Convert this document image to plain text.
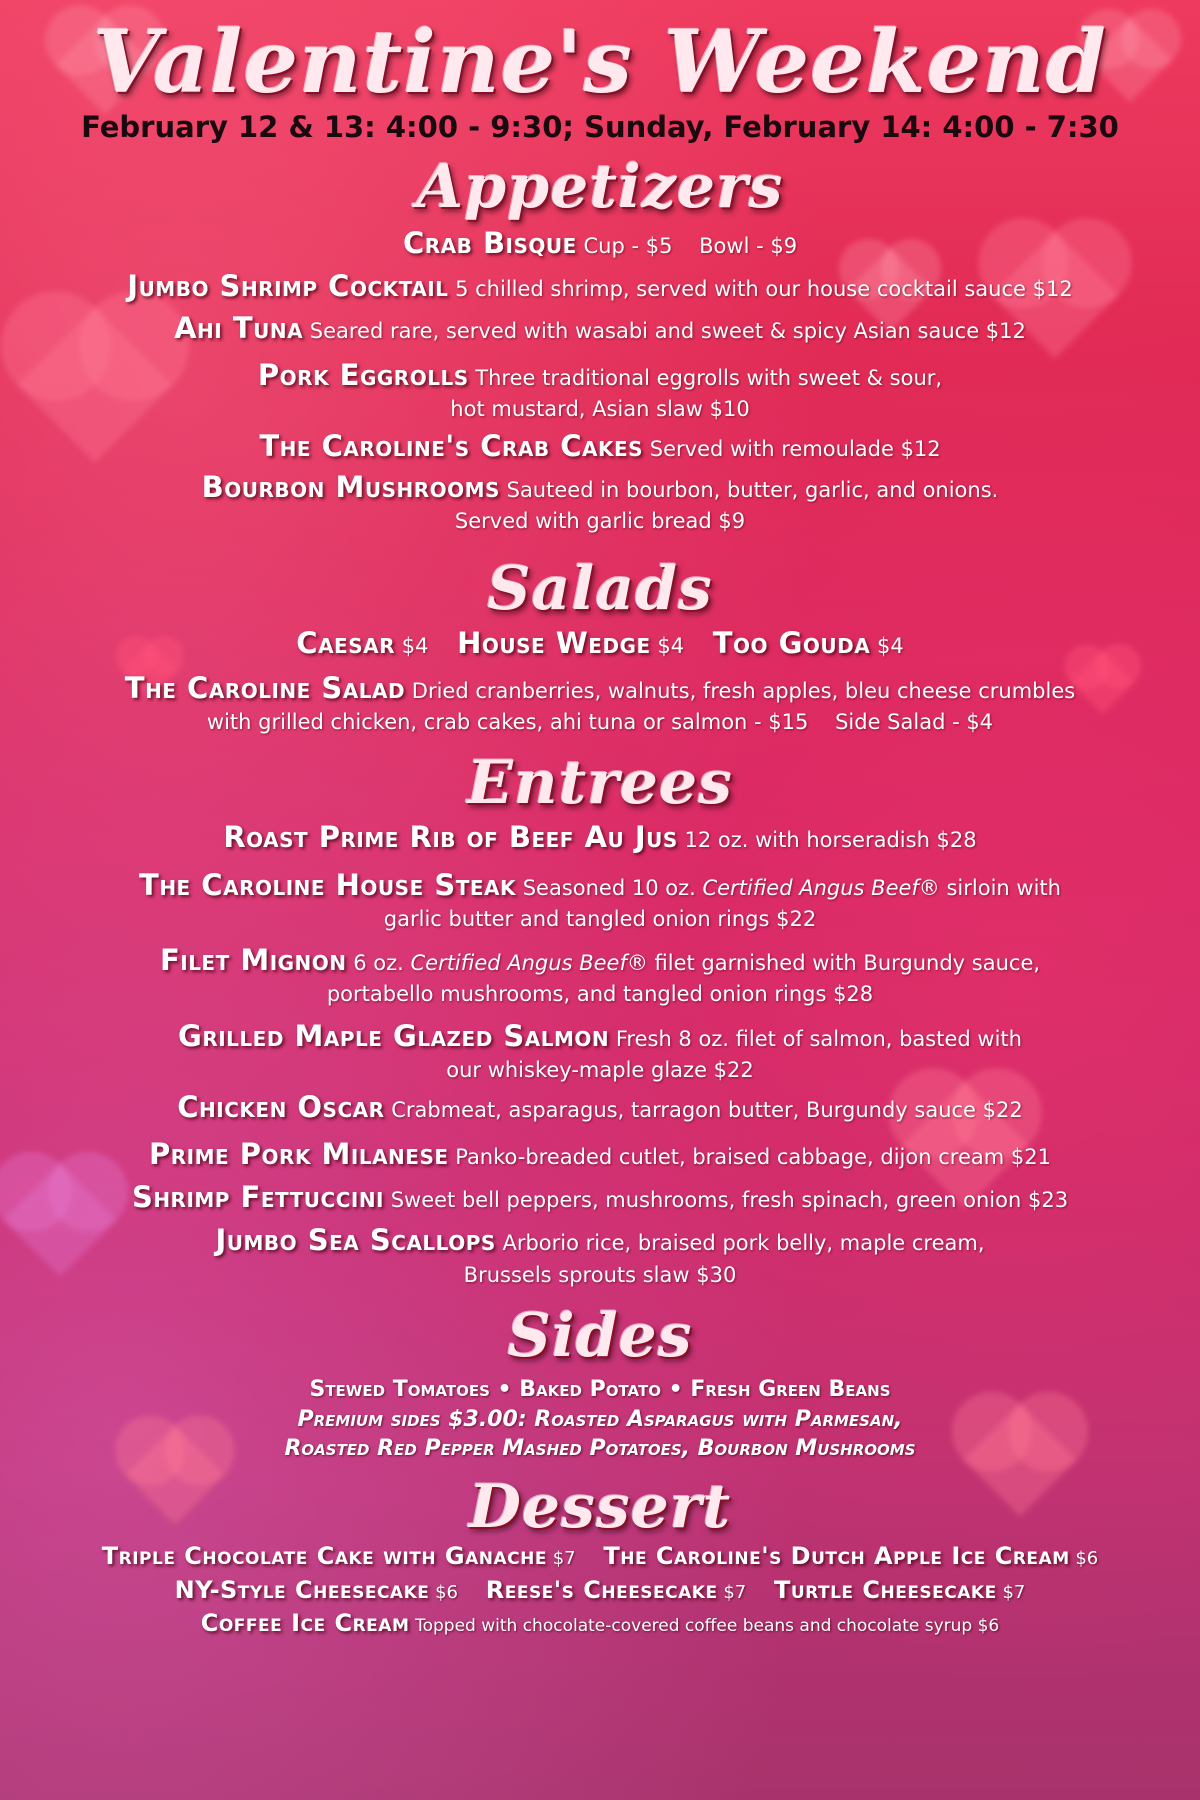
Valentine's Weekend
February 12 & 13: 4:00 - 9:30; Sunday, February 14: 4:00 - 7:30
Appetizers
Crab Bisque Cup - $5    Bowl - $9
Jumbo Shrimp Cocktail 5 chilled shrimp, served with our house cocktail sauce $12
Ahi Tuna Seared rare, served with wasabi and sweet & spicy Asian sauce $12
Pork Eggrolls Three traditional eggrolls with sweet & sour,
hot mustard, Asian slaw $10
The Caroline's Crab Cakes Served with remoulade $12
Bourbon Mushrooms Sauteed in bourbon, butter, garlic, and onions.
Served with garlic bread $9
Salads
Caesar $4 House Wedge $4 Too Gouda $4
The Caroline Salad Dried cranberries, walnuts, fresh apples, bleu cheese crumbles
with grilled chicken, crab cakes, ahi tuna or salmon - $15    Side Salad - $4
Entrees
Roast Prime Rib of Beef Au Jus 12 oz. with horseradish $28
The Caroline House Steak Seasoned 10 oz. Certified Angus Beef® sirloin with
garlic butter and tangled onion rings $22
Filet Mignon 6 oz. Certified Angus Beef® filet garnished with Burgundy sauce,
portabello mushrooms, and tangled onion rings $28
Grilled Maple Glazed Salmon Fresh 8 oz. filet of salmon, basted with
our whiskey-maple glaze $22
Chicken Oscar Crabmeat, asparagus, tarragon butter, Burgundy sauce $22
Prime Pork Milanese Panko-breaded cutlet, braised cabbage, dijon cream $21
Shrimp Fettuccini Sweet bell peppers, mushrooms, fresh spinach, green onion $23
Jumbo Sea Scallops Arborio rice, braised pork belly, maple cream,
Brussels sprouts slaw $30
Sides
Stewed Tomatoes • Baked Potato • Fresh Green Beans
Premium sides $3.00: Roasted Asparagus with Parmesan,
Roasted Red Pepper Mashed Potatoes, Bourbon Mushrooms
Dessert
Triple Chocolate Cake with Ganache $7 The Caroline's Dutch Apple Ice Cream $6
NY-Style Cheesecake $6 Reese's Cheesecake $7 Turtle Cheesecake $7
Coffee Ice Cream Topped with chocolate-covered coffee beans and chocolate syrup $6
